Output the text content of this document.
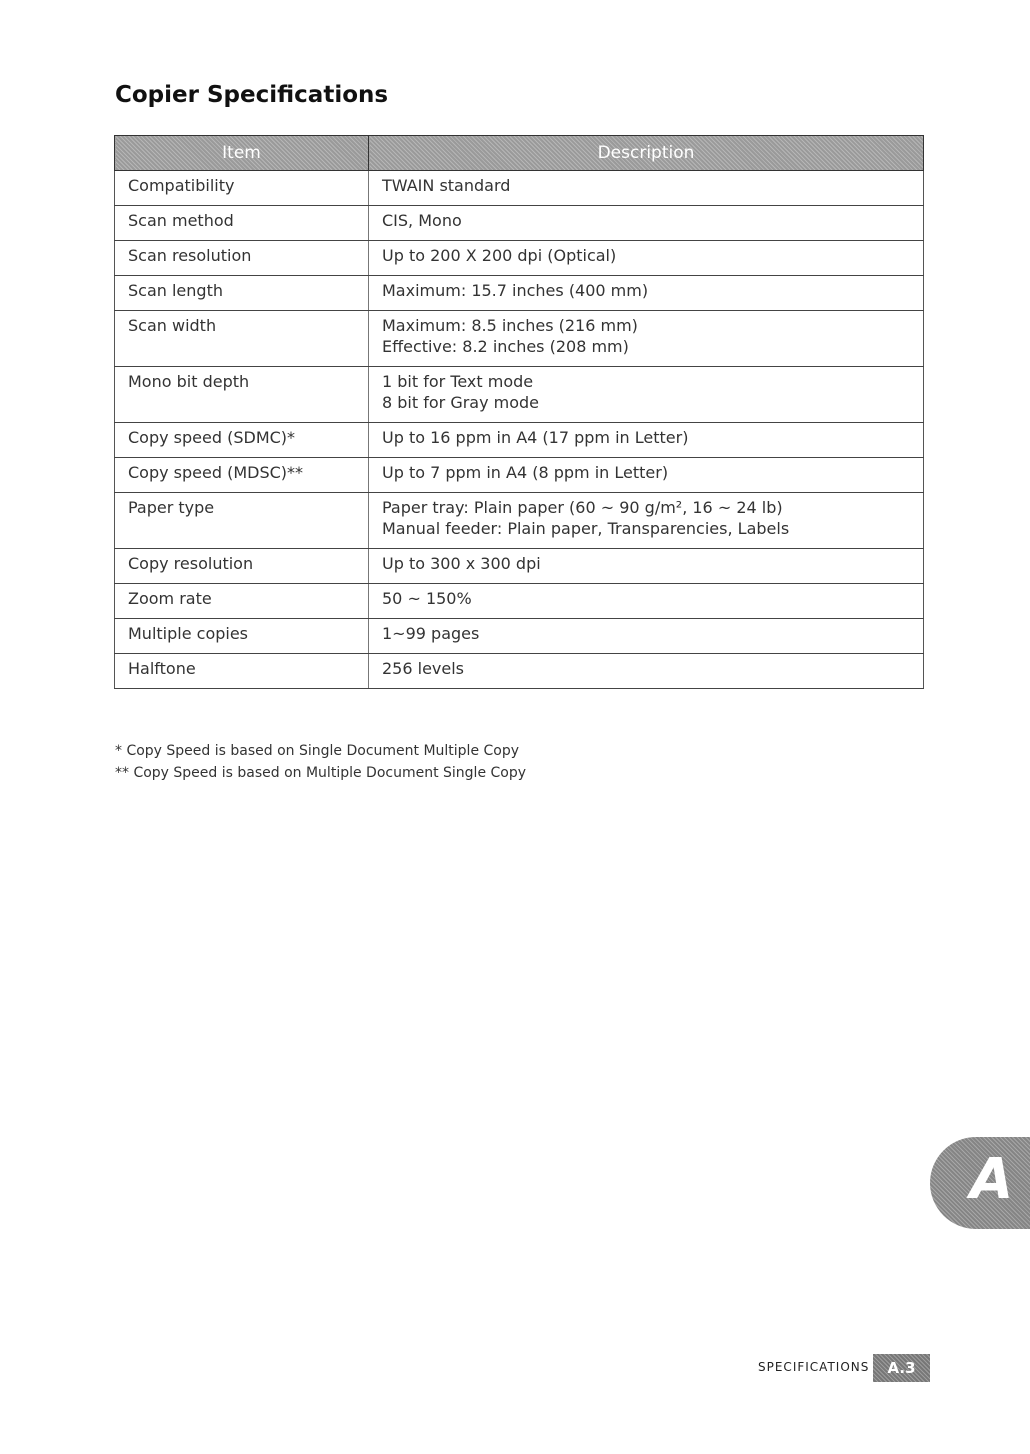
Copier Specifications
Item	Description
Compatibility	TWAIN standard

Scan method	CIS, Mono

Scan resolution	Up to 200 X 200 dpi (Optical)

Scan length	Maximum: 15.7 inches (400 mm)

Scan width	Maximum: 8.5 inches (216 mm)
Effective: 8.2 inches (208 mm)

Mono bit depth	1 bit for Text mode
8 bit for Gray mode

Copy speed (SDMC)*	Up to 16 ppm in A4 (17 ppm in Letter)

Copy speed (MDSC)**	Up to 7 ppm in A4 (8 ppm in Letter)

Paper type	Paper tray: Plain paper (60 ~ 90 g/m², 16 ~ 24 lb)
Manual feeder: Plain paper, Transparencies, Labels

Copy resolution	Up to 300 x 300 dpi

Zoom rate	50 ~ 150%

Multiple copies	1~99 pages

Halftone	256 levels
* Copy Speed is based on Single Document Multiple Copy
** Copy Speed is based on Multiple Document Single Copy
A
SPECIFICATIONS	A.3
